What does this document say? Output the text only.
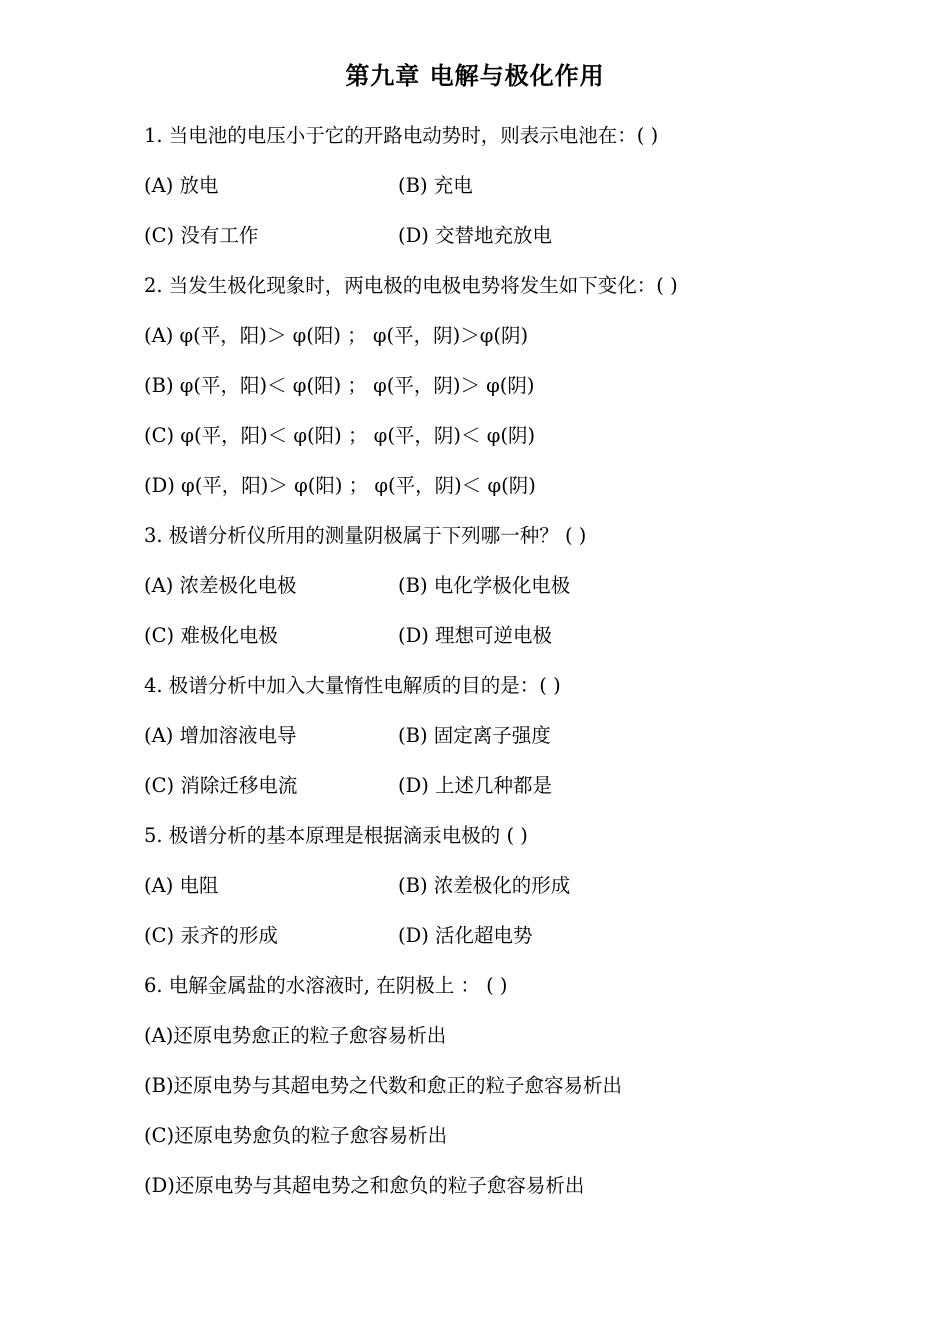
第九章 电解与极化作用
1. 当电池的电压小于它的开路电动势时，则表示电池在：( )
(A) 放电	(B) 充电
(C) 没有工作	(D) 交替地充放电
2. 当发生极化现象时，两电极的电极电势将发生如下变化：( )
(A) φ(平，阳)＞ φ(阳) ； φ(平，阴)＞φ(阴)
(B) φ(平，阳)＜ φ(阳) ； φ(平，阴)＞ φ(阴)
(C) φ(平，阳)＜ φ(阳) ； φ(平，阴)＜ φ(阴)
(D) φ(平，阳)＞ φ(阳) ； φ(平，阴)＜ φ(阴)
3. 极谱分析仪所用的测量阴极属于下列哪一种？ ( )
(A) 浓差极化电极	(B) 电化学极化电极
(C) 难极化电极	(D) 理想可逆电极
4. 极谱分析中加入大量惰性电解质的目的是：( )
(A) 增加溶液电导	(B) 固定离子强度
(C) 消除迁移电流	(D) 上述几种都是
5. 极谱分析的基本原理是根据滴汞电极的 ( )
(A) 电阻	(B) 浓差极化的形成
(C) 汞齐的形成	(D) 活化超电势
6. 电解金属盐的水溶液时, 在阴极上 ： ( )
(A)还原电势愈正的粒子愈容易析出
(B)还原电势与其超电势之代数和愈正的粒子愈容易析出
(C)还原电势愈负的粒子愈容易析出
(D)还原电势与其超电势之和愈负的粒子愈容易析出
